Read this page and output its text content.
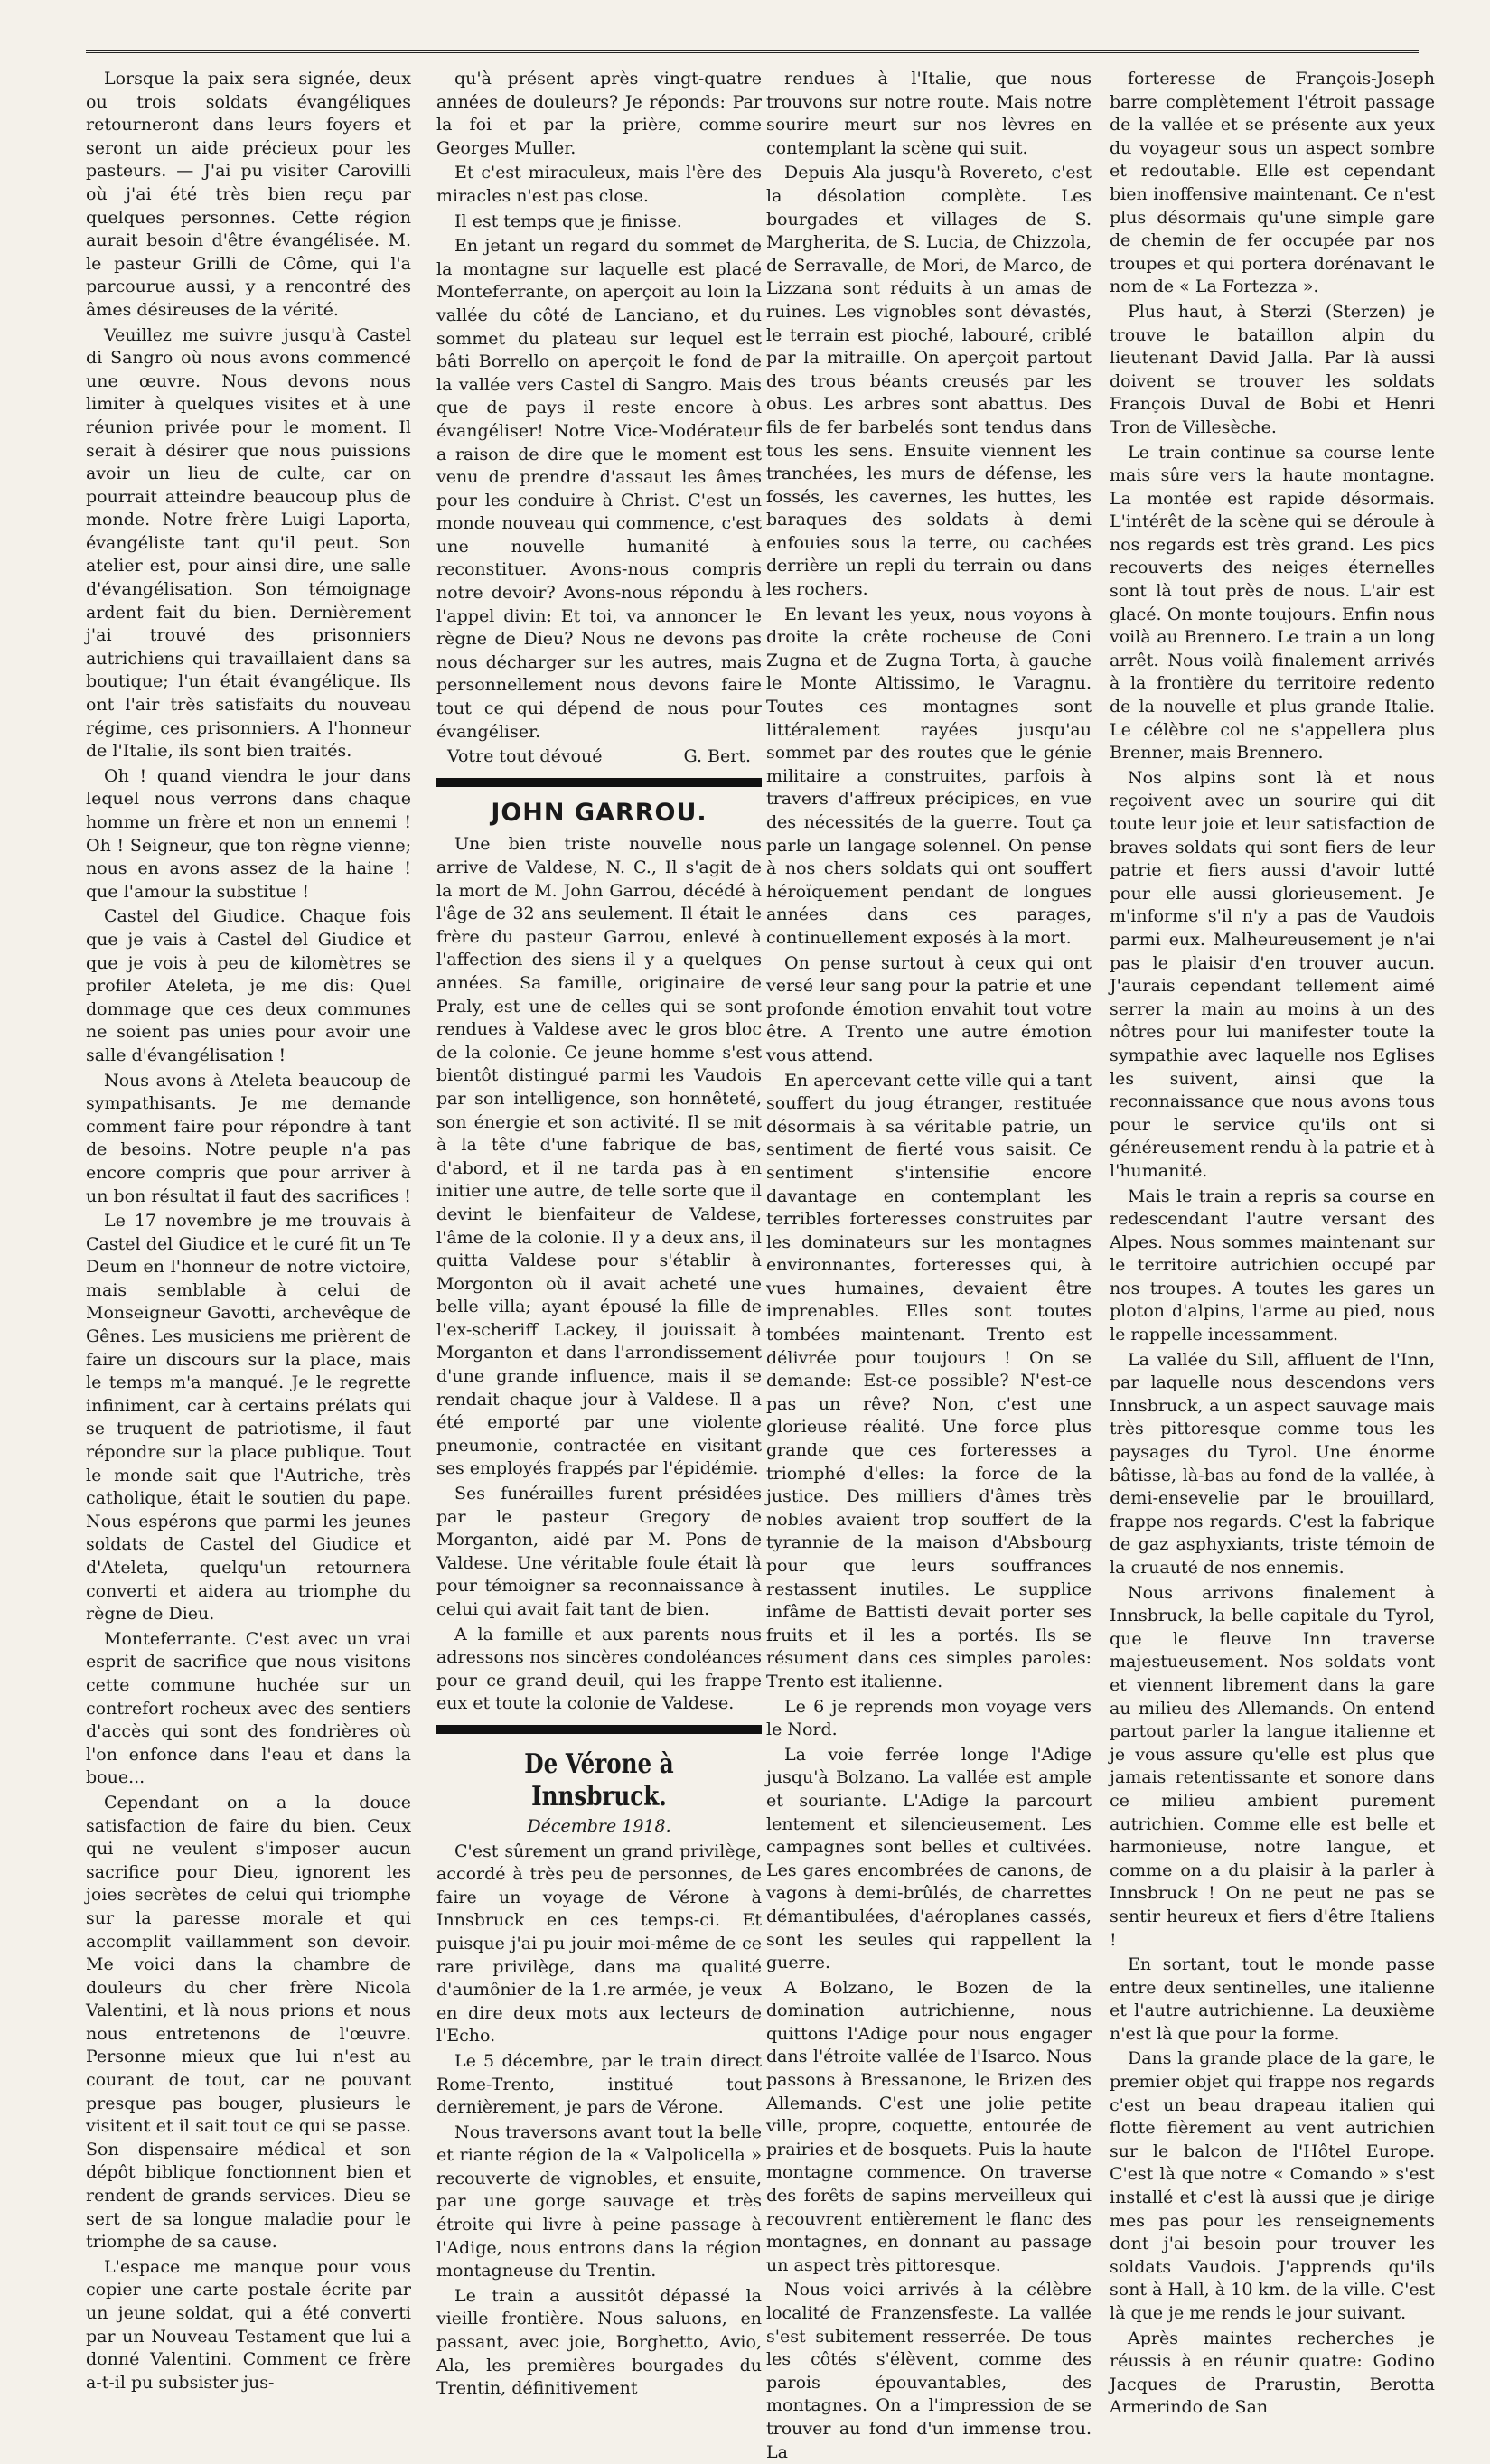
Lorsque la paix sera signée, deux ou trois soldats évangéliques retourneront dans leurs foyers et seront un aide précieux pour les pasteurs. — J'ai pu visiter Carovilli où j'ai été très bien reçu par quelques personnes. Cette région aurait besoin d'être évangélisée. M. le pasteur Grilli de Côme, qui l'a parcourue aussi, y a rencontré des âmes désireuses de la vérité.

Veuillez me suivre jusqu'à Castel di Sangro où nous avons commencé une œuvre. Nous devons nous limiter à quelques visites et à une réunion privée pour le moment. Il serait à désirer que nous puissions avoir un lieu de culte, car on pourrait atteindre beaucoup plus de monde. Notre frère Luigi Laporta, évangéliste tant qu'il peut. Son atelier est, pour ainsi dire, une salle d'évangélisation. Son témoignage ardent fait du bien. Dernièrement j'ai trouvé des prisonniers autrichiens qui travaillaient dans sa boutique; l'un était évangélique. Ils ont l'air très satisfaits du nouveau régime, ces prisonniers. A l'honneur de l'Italie, ils sont bien traités.

Oh ! quand viendra le jour dans lequel nous verrons dans chaque homme un frère et non un ennemi ! Oh ! Seigneur, que ton règne vienne; nous en avons assez de la haine ! que l'amour la substitue !

Castel del Giudice. Chaque fois que je vais à Castel del Giudice et que je vois à peu de kilomètres se profiler Ateleta, je me dis: Quel dommage que ces deux communes ne soient pas unies pour avoir une salle d'évangélisation !

Nous avons à Ateleta beaucoup de sympathisants. Je me demande comment faire pour répondre à tant de besoins. Notre peuple n'a pas encore compris que pour arriver à un bon résultat il faut des sacrifices !

Le 17 novembre je me trouvais à Castel del Giudice et le curé fit un Te Deum en l'honneur de notre victoire, mais semblable à celui de Monseigneur Gavotti, archevêque de Gênes. Les musiciens me prièrent de faire un discours sur la place, mais le temps m'a manqué. Je le regrette infiniment, car à certains prélats qui se truquent de patriotisme, il faut répondre sur la place publique. Tout le monde sait que l'Autriche, très catholique, était le soutien du pape. Nous espérons que parmi les jeunes soldats de Castel del Giudice et d'Ateleta, quelqu'un retournera converti et aidera au triomphe du règne de Dieu.

Monteferrante. C'est avec un vrai esprit de sacrifice que nous visitons cette commune huchée sur un contrefort rocheux avec des sentiers d'accès qui sont des fondrières où l'on enfonce dans l'eau et dans la boue...

Cependant on a la douce satisfaction de faire du bien. Ceux qui ne veulent s'imposer aucun sacrifice pour Dieu, ignorent les joies secrètes de celui qui triomphe sur la paresse morale et qui accomplit vaillamment son devoir. Me voici dans la chambre de douleurs du cher frère Nicola Valentini, et là nous prions et nous nous entretenons de l'œuvre. Personne mieux que lui n'est au courant de tout, car ne pouvant presque pas bouger, plusieurs le visitent et il sait tout ce qui se passe. Son dispensaire médical et son dépôt biblique fonctionnent bien et rendent de grands services. Dieu se sert de sa longue maladie pour le triomphe de sa cause.

L'espace me manque pour vous copier une carte postale écrite par un jeune soldat, qui a été converti par un Nouveau Testament que lui a donné Valentini. Comment ce frère a-t-il pu subsister jus-

qu'à présent après vingt-quatre années de douleurs? Je réponds: Par la foi et par la prière, comme Georges Muller.

Et c'est miraculeux, mais l'ère des miracles n'est pas close.

Il est temps que je finisse.

En jetant un regard du sommet de la montagne sur laquelle est placé Monteferrante, on aperçoit au loin la vallée du côté de Lanciano, et du sommet du plateau sur lequel est bâti Borrello on aperçoit le fond de la vallée vers Castel di Sangro. Mais que de pays il reste encore à évangéliser! Notre Vice-Modérateur a raison de dire que le moment est venu de prendre d'assaut les âmes pour les conduire à Christ. C'est un monde nouveau qui commence, c'est une nouvelle humanité à reconstituer. Avons-nous compris notre devoir? Avons-nous répondu à l'appel divin: Et toi, va annoncer le règne de Dieu? Nous ne devons pas nous décharger sur les autres, mais personnellement nous devons faire tout ce qui dépend de nous pour évangéliser.

Votre tout dévoué	G. Bert.

JOHN GARROU.

Une bien triste nouvelle nous arrive de Valdese, N. C., Il s'agit de la mort de M. John Garrou, décédé à l'âge de 32 ans seulement. Il était le frère du pasteur Garrou, enlevé à l'affection des siens il y a quelques années. Sa famille, originaire de Praly, est une de celles qui se sont rendues à Valdese avec le gros bloc de la colonie. Ce jeune homme s'est bientôt distingué parmi les Vaudois par son intelligence, son honnêteté, son énergie et son activité. Il se mit à la tête d'une fabrique de bas, d'abord, et il ne tarda pas à en initier une autre, de telle sorte que il devint le bienfaiteur de Valdese, l'âme de la colonie. Il y a deux ans, il quitta Valdese pour s'établir à Morgonton où il avait acheté une belle villa; ayant épousé la fille de l'ex-scheriff Lackey, il jouissait à Morganton et dans l'arrondissement d'une grande influence, mais il se rendait chaque jour à Valdese. Il a été emporté par une violente pneumonie, contractée en visitant ses employés frappés par l'épidémie.

Ses funérailles furent présidées par le pasteur Gregory de Morganton, aidé par M. Pons de Valdese. Une véritable foule était là pour témoigner sa reconnaissance à celui qui avait fait tant de bien.

A la famille et aux parents nous adressons nos sincères condoléances pour ce grand deuil, qui les frappe eux et toute la colonie de Valdese.

De Vérone à Innsbruck.

Décembre 1918.

C'est sûrement un grand privilège, accordé à très peu de personnes, de faire un voyage de Vérone à Innsbruck en ces temps-ci. Et puisque j'ai pu jouir moi-même de ce rare privilège, dans ma qualité d'aumônier de la 1.re armée, je veux en dire deux mots aux lecteurs de l'Echo.

Le 5 décembre, par le train direct Rome-Trento, institué tout dernièrement, je pars de Vérone.

Nous traversons avant tout la belle et riante région de la « Valpolicella » recouverte de vignobles, et ensuite, par une gorge sauvage et très étroite qui livre à peine passage à l'Adige, nous entrons dans la région montagneuse du Trentin.

Le train a aussitôt dépassé la vieille frontière. Nous saluons, en passant, avec joie, Borghetto, Avio, Ala, les premières bourgades du Trentin, définitivement

rendues à l'Italie, que nous trouvons sur notre route. Mais notre sourire meurt sur nos lèvres en contemplant la scène qui suit.

Depuis Ala jusqu'à Rovereto, c'est la désolation complète. Les bourgades et villages de S. Margherita, de S. Lucia, de Chizzola, de Serravalle, de Mori, de Marco, de Lizzana sont réduits à un amas de ruines. Les vignobles sont dévastés, le terrain est pioché, labouré, criblé par la mitraille. On aperçoit partout des trous béants creusés par les obus. Les arbres sont abattus. Des fils de fer barbelés sont tendus dans tous les sens. Ensuite viennent les tranchées, les murs de défense, les fossés, les cavernes, les huttes, les baraques des soldats à demi enfouies sous la terre, ou cachées derrière un repli du terrain ou dans les rochers.

En levant les yeux, nous voyons à droite la crête rocheuse de Coni Zugna et de Zugna Torta, à gauche le Monte Altissimo, le Varagnu. Toutes ces montagnes sont littéralement rayées jusqu'au sommet par des routes que le génie militaire a construites, parfois à travers d'affreux précipices, en vue des nécessités de la guerre. Tout ça parle un langage solennel. On pense à nos chers soldats qui ont souffert héroïquement pendant de longues années dans ces parages, continuellement exposés à la mort.

On pense surtout à ceux qui ont versé leur sang pour la patrie et une profonde émotion envahit tout votre être. A Trento une autre émotion vous attend.

En apercevant cette ville qui a tant souffert du joug étranger, restituée désormais à sa véritable patrie, un sentiment de fierté vous saisit. Ce sentiment s'intensifie encore davantage en contemplant les terribles forteresses construites par les dominateurs sur les montagnes environnantes, forteresses qui, à vues humaines, devaient être imprenables. Elles sont toutes tombées maintenant. Trento est délivrée pour toujours ! On se demande: Est-ce possible? N'est-ce pas un rêve? Non, c'est une glorieuse réalité. Une force plus grande que ces forteresses a triomphé d'elles: la force de la justice. Des milliers d'âmes très nobles avaient trop souffert de la tyrannie de la maison d'Absbourg pour que leurs souffrances restassent inutiles. Le supplice infâme de Battisti devait porter ses fruits et il les a portés. Ils se résument dans ces simples paroles: Trento est italienne.

Le 6 je reprends mon voyage vers le Nord.

La voie ferrée longe l'Adige jusqu'à Bolzano. La vallée est ample et souriante. L'Adige la parcourt lentement et silencieusement. Les campagnes sont belles et cultivées. Les gares encombrées de canons, de vagons à demi-brûlés, de charrettes démantibulées, d'aéroplanes cassés, sont les seules qui rappellent la guerre.

A Bolzano, le Bozen de la domination autrichienne, nous quittons l'Adige pour nous engager dans l'étroite vallée de l'Isarco. Nous passons à Bressanone, le Brizen des Allemands. C'est une jolie petite ville, propre, coquette, entourée de prairies et de bosquets. Puis la haute montagne commence. On traverse des forêts de sapins merveilleux qui recouvrent entièrement le flanc des montagnes, en donnant au passage un aspect très pittoresque.

Nous voici arrivés à la célèbre localité de Franzensfeste. La vallée s'est subitement resserrée. De tous les côtés s'élèvent, comme des parois épouvantables, des montagnes. On a l'impression de se trouver au fond d'un immense trou. La

forteresse de François-Joseph barre complètement l'étroit passage de la vallée et se présente aux yeux du voyageur sous un aspect sombre et redoutable. Elle est cependant bien inoffensive maintenant. Ce n'est plus désormais qu'une simple gare de chemin de fer occupée par nos troupes et qui portera dorénavant le nom de « La Fortezza ».

Plus haut, à Sterzi (Sterzen) je trouve le bataillon alpin du lieutenant David Jalla. Par là aussi doivent se trouver les soldats François Duval de Bobi et Henri Tron de Villesèche.

Le train continue sa course lente mais sûre vers la haute montagne. La montée est rapide désormais. L'intérêt de la scène qui se déroule à nos regards est très grand. Les pics recouverts des neiges éternelles sont là tout près de nous. L'air est glacé. On monte toujours. Enfin nous voilà au Brennero. Le train a un long arrêt. Nous voilà finalement arrivés à la frontière du territoire redento de la nouvelle et plus grande Italie. Le célèbre col ne s'appellera plus Brenner, mais Brennero.

Nos alpins sont là et nous reçoivent avec un sourire qui dit toute leur joie et leur satisfaction de braves soldats qui sont fiers de leur patrie et fiers aussi d'avoir lutté pour elle aussi glorieusement. Je m'informe s'il n'y a pas de Vaudois parmi eux. Malheureusement je n'ai pas le plaisir d'en trouver aucun. J'aurais cependant tellement aimé serrer la main au moins à un des nôtres pour lui manifester toute la sympathie avec laquelle nos Eglises les suivent, ainsi que la reconnaissance que nous avons tous pour le service qu'ils ont si généreusement rendu à la patrie et à l'humanité.

Mais le train a repris sa course en redescendant l'autre versant des Alpes. Nous sommes maintenant sur le territoire autrichien occupé par nos troupes. A toutes les gares un ploton d'alpins, l'arme au pied, nous le rappelle incessamment.

La vallée du Sill, affluent de l'Inn, par laquelle nous descendons vers Innsbruck, a un aspect sauvage mais très pittoresque comme tous les paysages du Tyrol. Une énorme bâtisse, là-bas au fond de la vallée, à demi-ensevelie par le brouillard, frappe nos regards. C'est la fabrique de gaz asphyxiants, triste témoin de la cruauté de nos ennemis.

Nous arrivons finalement à Innsbruck, la belle capitale du Tyrol, que le fleuve Inn traverse majestueusement. Nos soldats vont et viennent librement dans la gare au milieu des Allemands. On entend partout parler la langue italienne et je vous assure qu'elle est plus que jamais retentissante et sonore dans ce milieu ambient purement autrichien. Comme elle est belle et harmonieuse, notre langue, et comme on a du plaisir à la parler à Innsbruck ! On ne peut ne pas se sentir heureux et fiers d'être Italiens !

En sortant, tout le monde passe entre deux sentinelles, une italienne et l'autre autrichienne. La deuxième n'est là que pour la forme.

Dans la grande place de la gare, le premier objet qui frappe nos regards c'est un beau drapeau italien qui flotte fièrement au vent autrichien sur le balcon de l'Hôtel Europe. C'est là que notre « Comando » s'est installé et c'est là aussi que je dirige mes pas pour les renseignements dont j'ai besoin pour trouver les soldats Vaudois. J'apprends qu'ils sont à Hall, à 10 km. de la ville. C'est là que je me rends le jour suivant.

Après maintes recherches je réussis à en réunir quatre: Godino Jacques de Prarustin, Berotta Armerindo de San
